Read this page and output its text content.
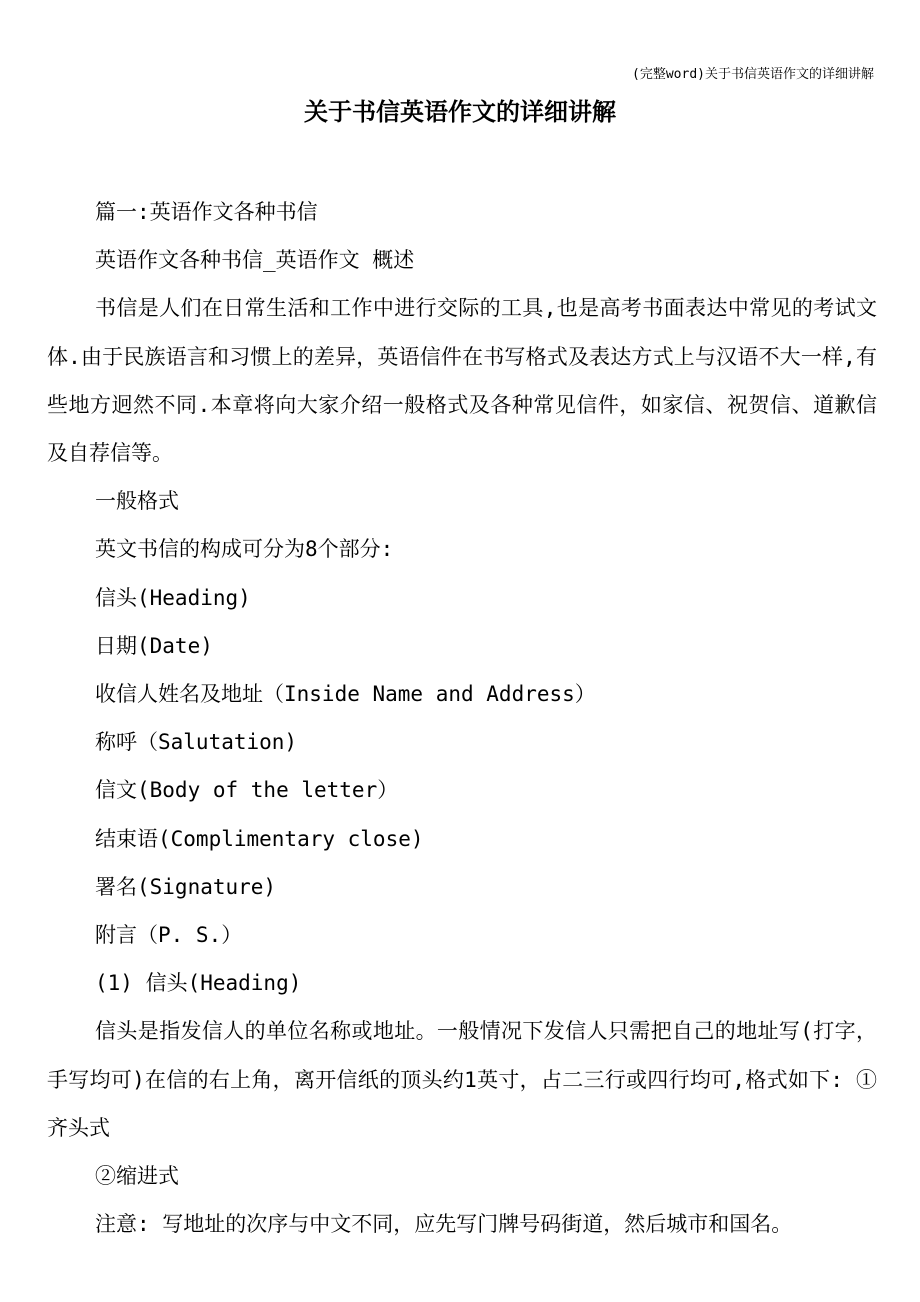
(完整word)关于书信英语作文的详细讲解
关于书信英语作文的详细讲解

篇一:英语作文各种书信

英语作文各种书信_英语作文 概述

书信是人们在日常生活和工作中进行交际的工具,也是高考书面表达中常见的考试文体.由于民族语言和习惯上的差异，英语信件在书写格式及表达方式上与汉语不大一样,有些地方迥然不同.本章将向大家介绍一般格式及各种常见信件，如家信、祝贺信、道歉信及自荐信等。

一般格式

英文书信的构成可分为8个部分:

信头(Heading)

日期(Date)

收信人姓名及地址（Inside Name and Address）

称呼（Salutation)

信文(Body of the letter）

结束语(Complimentary close)

署名(Signature)

附言（P. S.）

(1) 信头(Heading)

信头是指发信人的单位名称或地址。一般情况下发信人只需把自己的地址写(打字，手写均可)在信的右上角，离开信纸的顶头约1英寸，占二三行或四行均可,格式如下: ①齐头式

②缩进式

注意: 写地址的次序与中文不同，应先写门牌号码街道，然后城市和国名。
